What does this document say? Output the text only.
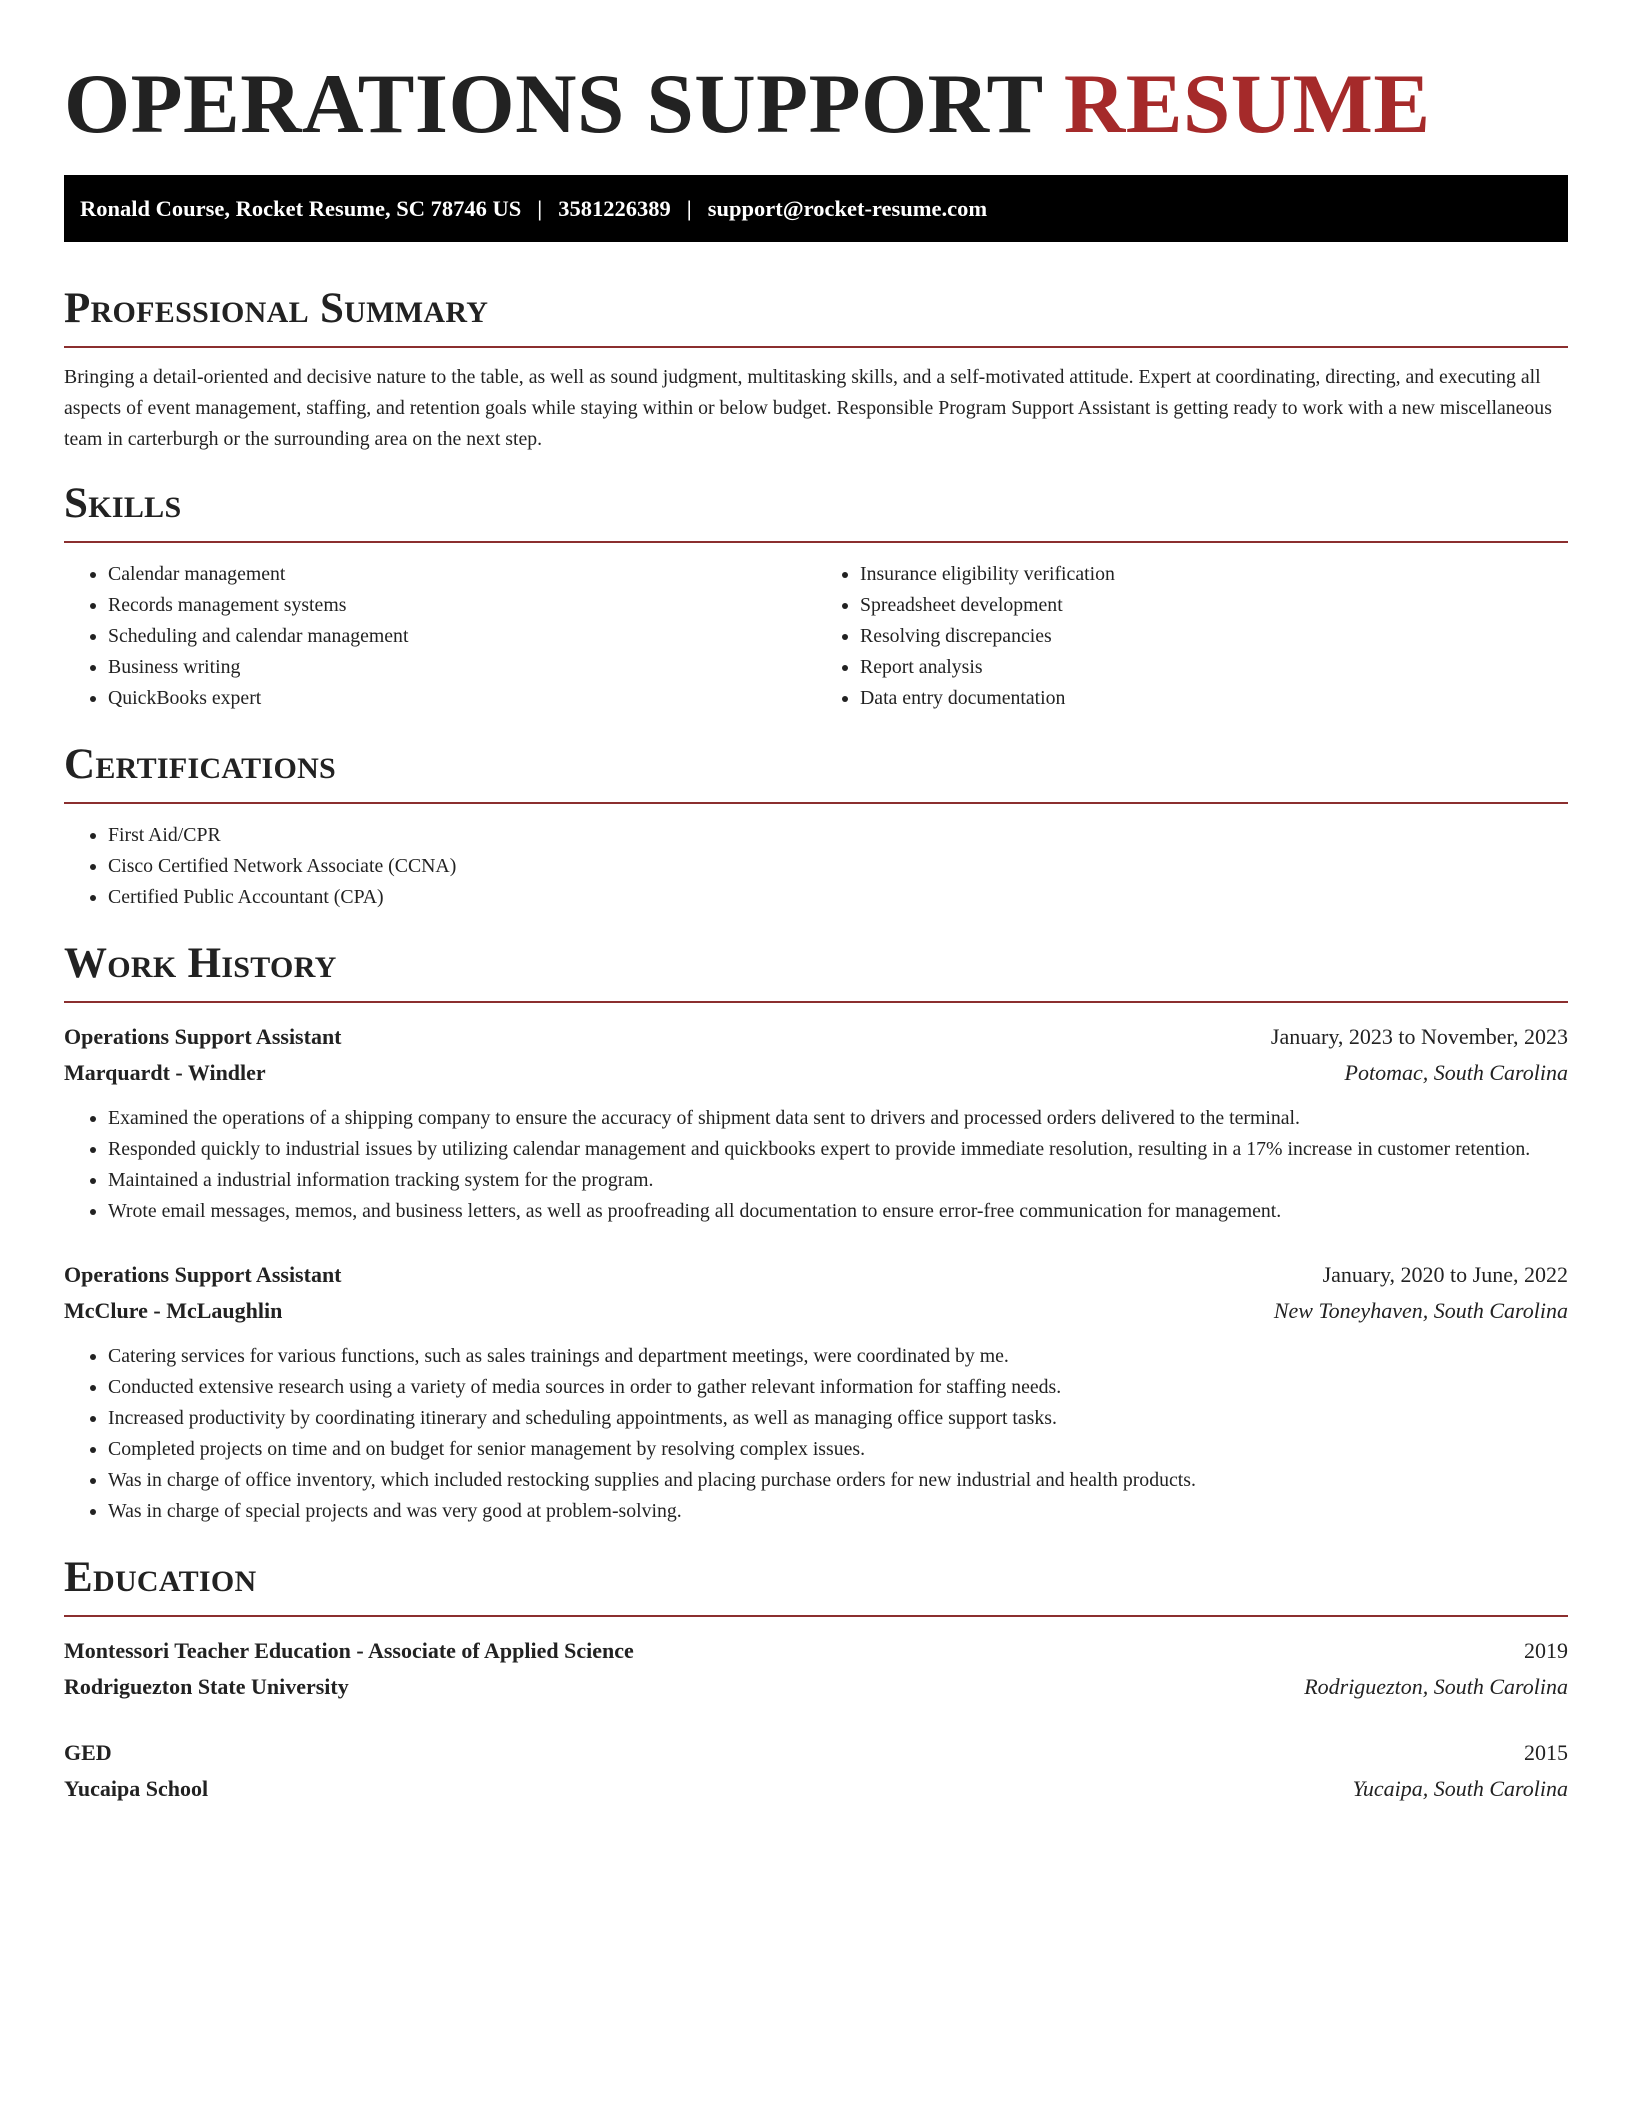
OPERATIONS SUPPORT RESUME
Ronald Course, Rocket Resume, SC 78746 US | 3581226389 | support@rocket-resume.com
Professional Summary

Bringing a detail-oriented and decisive nature to the table, as well as sound judgment, multitasking skills, and a self-motivated attitude. Expert at coordinating, directing, and executing all aspects of event management, staffing, and retention goals while staying within or below budget. Responsible Program Support Assistant is getting ready to work with a new miscellaneous team in carterburgh or the surrounding area on the next step.

Skills
• Calendar management
• Records management systems
• Scheduling and calendar management
• Business writing
• QuickBooks expert
• Insurance eligibility verification
• Spreadsheet development
• Resolving discrepancies
• Report analysis
• Data entry documentation
Certifications
• First Aid/CPR
• Cisco Certified Network Associate (CCNA)
• Certified Public Accountant (CPA)
Work History
Operations Support Assistant	January, 2023 to November, 2023
Marquardt - Windler	Potomac, South Carolina
• Examined the operations of a shipping company to ensure the accuracy of shipment data sent to drivers and processed orders delivered to the terminal.
• Responded quickly to industrial issues by utilizing calendar management and quickbooks expert to provide immediate resolution, resulting in a 17% increase in customer retention.
• Maintained a industrial information tracking system for the program.
• Wrote email messages, memos, and business letters, as well as proofreading all documentation to ensure error-free communication for management.
Operations Support Assistant	January, 2020 to June, 2022
McClure - McLaughlin	New Toneyhaven, South Carolina
• Catering services for various functions, such as sales trainings and department meetings, were coordinated by me.
• Conducted extensive research using a variety of media sources in order to gather relevant information for staffing needs.
• Increased productivity by coordinating itinerary and scheduling appointments, as well as managing office support tasks.
• Completed projects on time and on budget for senior management by resolving complex issues.
• Was in charge of office inventory, which included restocking supplies and placing purchase orders for new industrial and health products.
• Was in charge of special projects and was very good at problem-solving.
Education
Montessori Teacher Education - Associate of Applied Science	2019
Rodriguezton State University	Rodriguezton, South Carolina
GED	2015
Yucaipa School	Yucaipa, South Carolina
